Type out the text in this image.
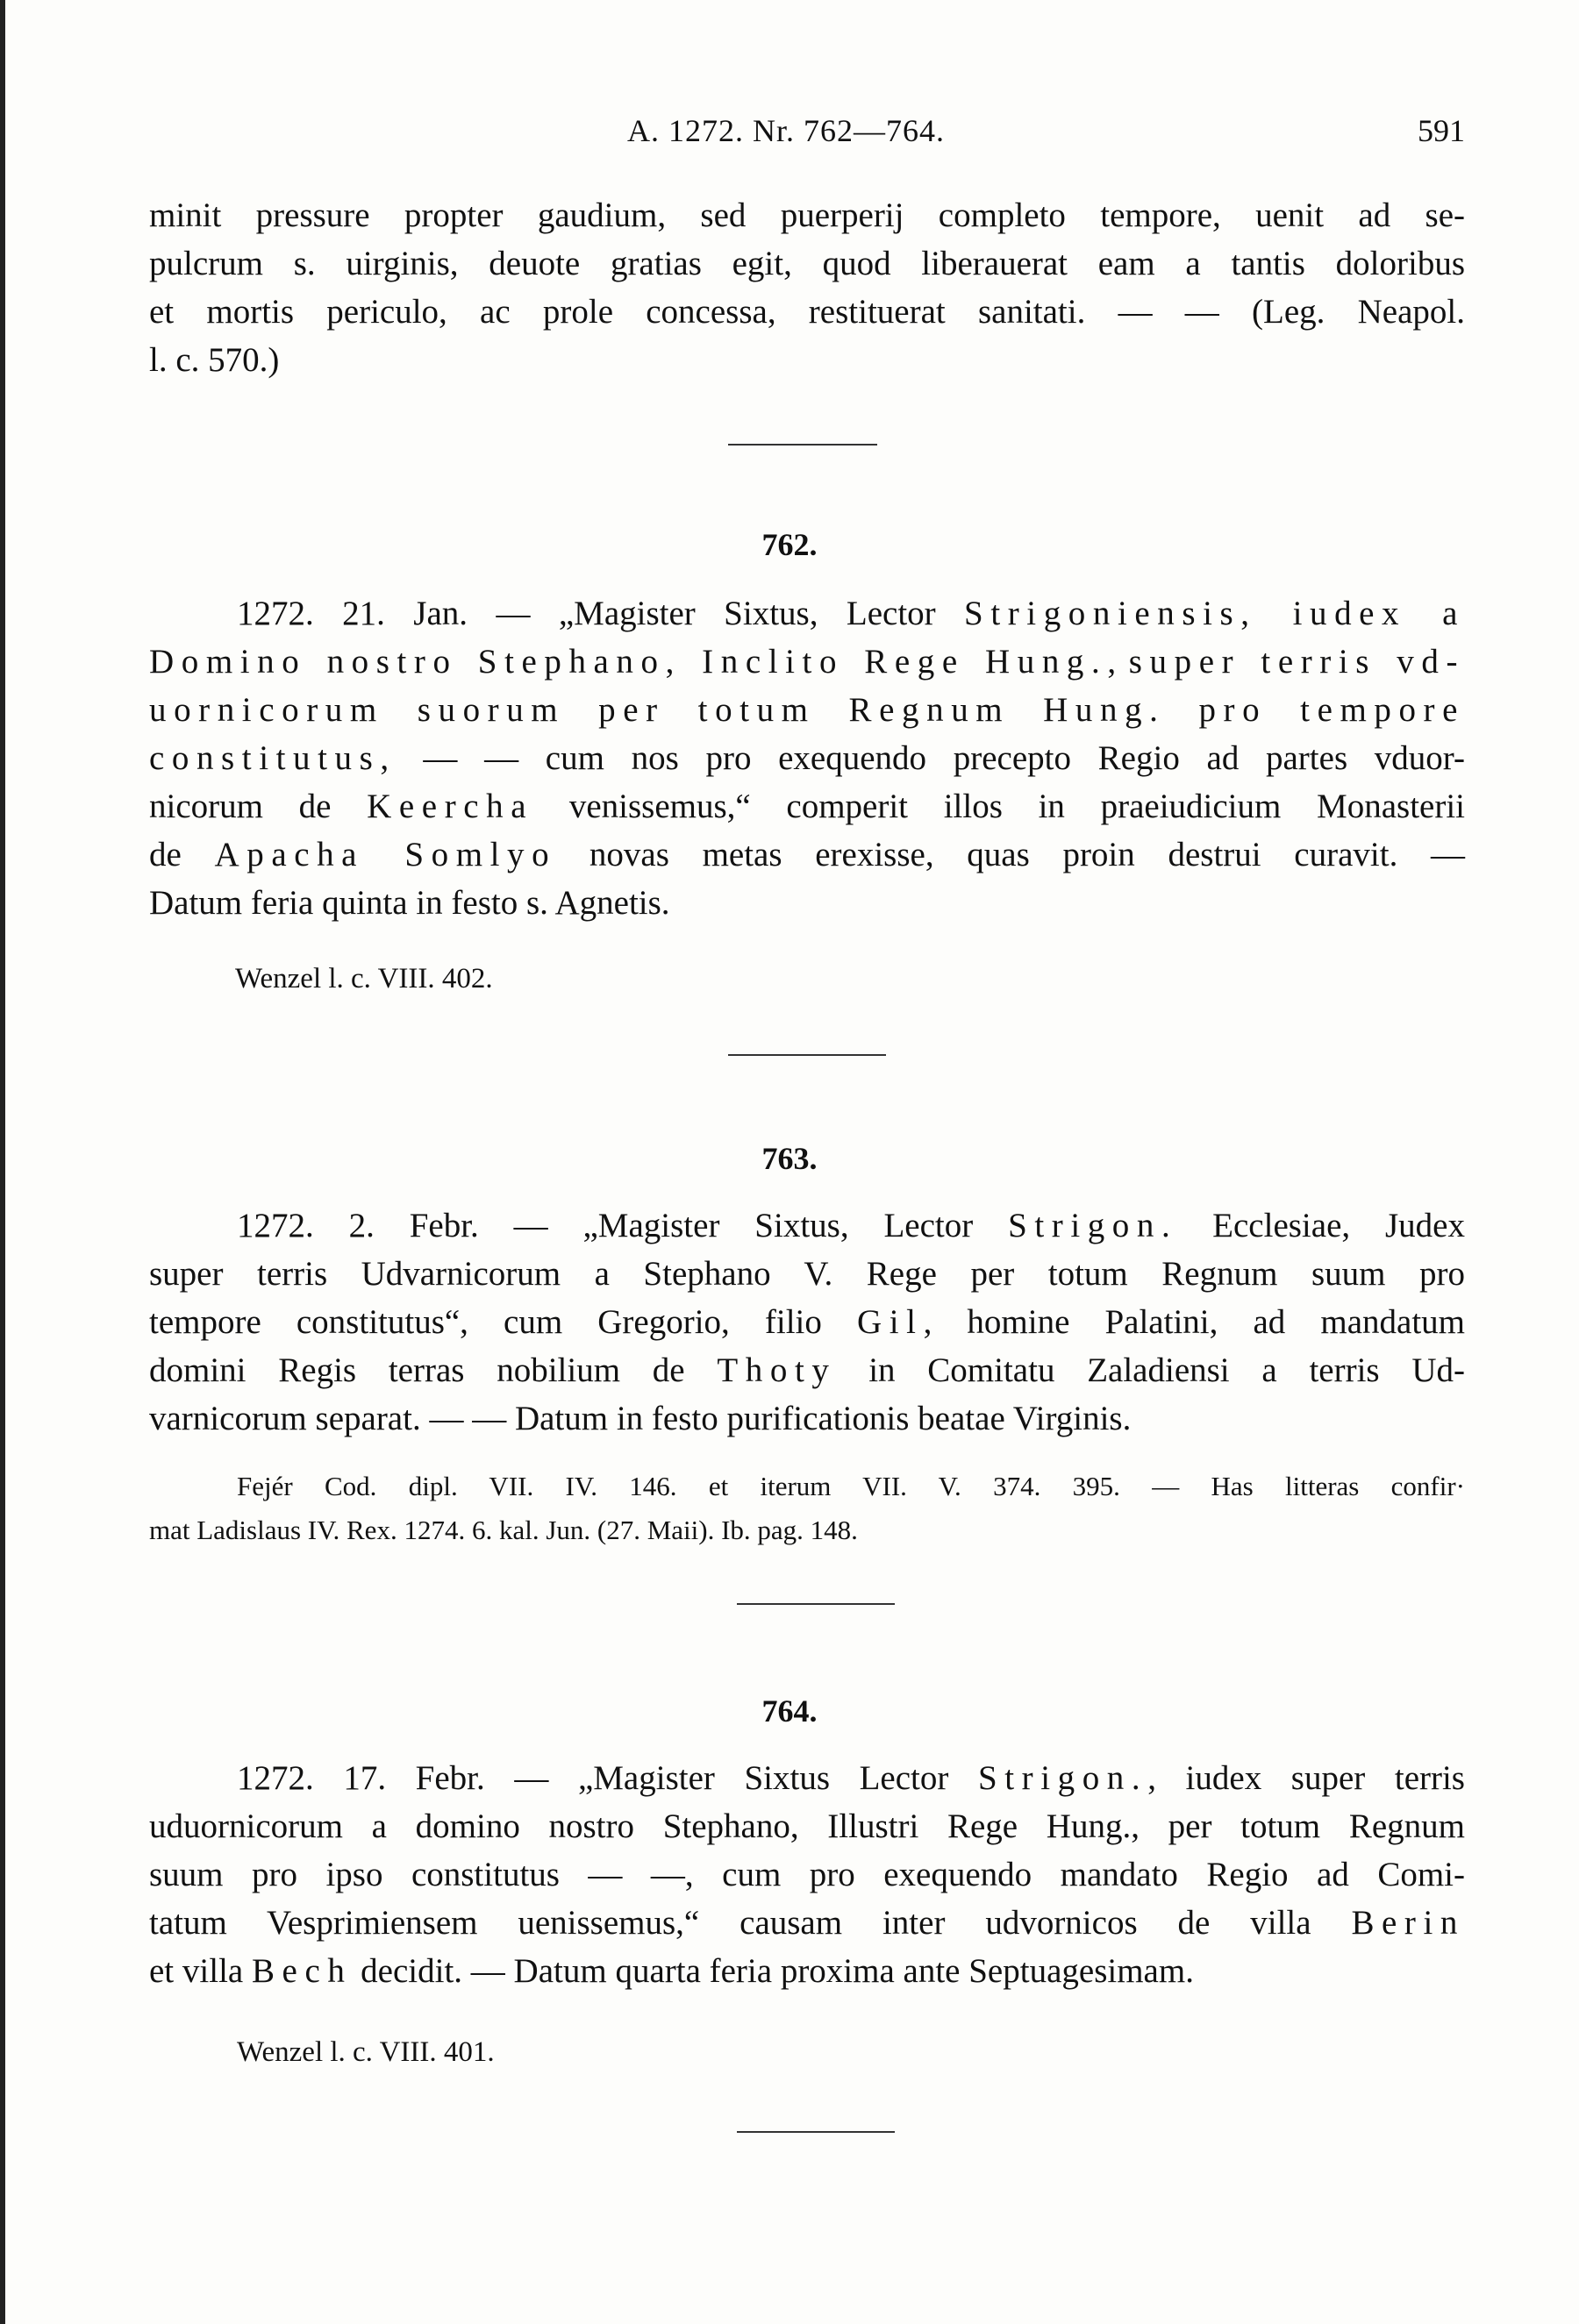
A. 1272. Nr. 762—764.	591

minit pressure propter gaudium, sed puerperij completo tempore, uenit ad se-

pulcrum s. uirginis, deuote gratias egit, quod liberauerat eam a tantis doloribus

et mortis periculo, ac prole concessa, restituerat sanitati. — — (Leg. Neapol.

l. c. 570.)

762.

1272. 21. Jan. — „Magister Sixtus, Lector Strigoniensis, iudex a

Domino nostro Stephano, Inclito Rege Hung., super terris vd-

uornicorum suorum per totum Regnum Hung. pro tempore

constitutus, — — cum nos pro exequendo precepto Regio ad partes vduor-

nicorum de Keercha venissemus,“ comperit illos in praeiudicium Monasterii

de Apacha Somlyo novas metas erexisse, quas proin destrui curavit. —

Datum feria quinta in festo s. Agnetis.

Wenzel l. c. VIII. 402.
763.

1272. 2. Febr. — „Magister Sixtus, Lector Strigon. Ecclesiae, Judex

super terris Udvarnicorum a Stephano V. Rege per totum Regnum suum pro

tempore constitutus“, cum Gregorio, filio Gil, homine Palatini, ad mandatum

domini Regis terras nobilium de Thoty in Comitatu Zaladiensi a terris Ud-

varnicorum separat. — — Datum in festo purificationis beatae Virginis.

Fejér Cod. dipl. VII. IV. 146. et iterum VII. V. 374. 395. — Has litteras confir·

mat Ladislaus IV. Rex. 1274. 6. kal. Jun. (27. Maii). Ib. pag. 148.

764.

1272. 17. Febr. — „Magister Sixtus Lector Strigon., iudex super terris

uduornicorum a domino nostro Stephano, Illustri Rege Hung., per totum Regnum

suum pro ipso constitutus — —, cum pro exequendo mandato Regio ad Comi-

tatum Vesprimiensem uenissemus,“ causam inter udvornicos de villa Berin

et villa Bech decidit. — Datum quarta feria proxima ante Septuagesimam.

Wenzel l. c. VIII. 401.
